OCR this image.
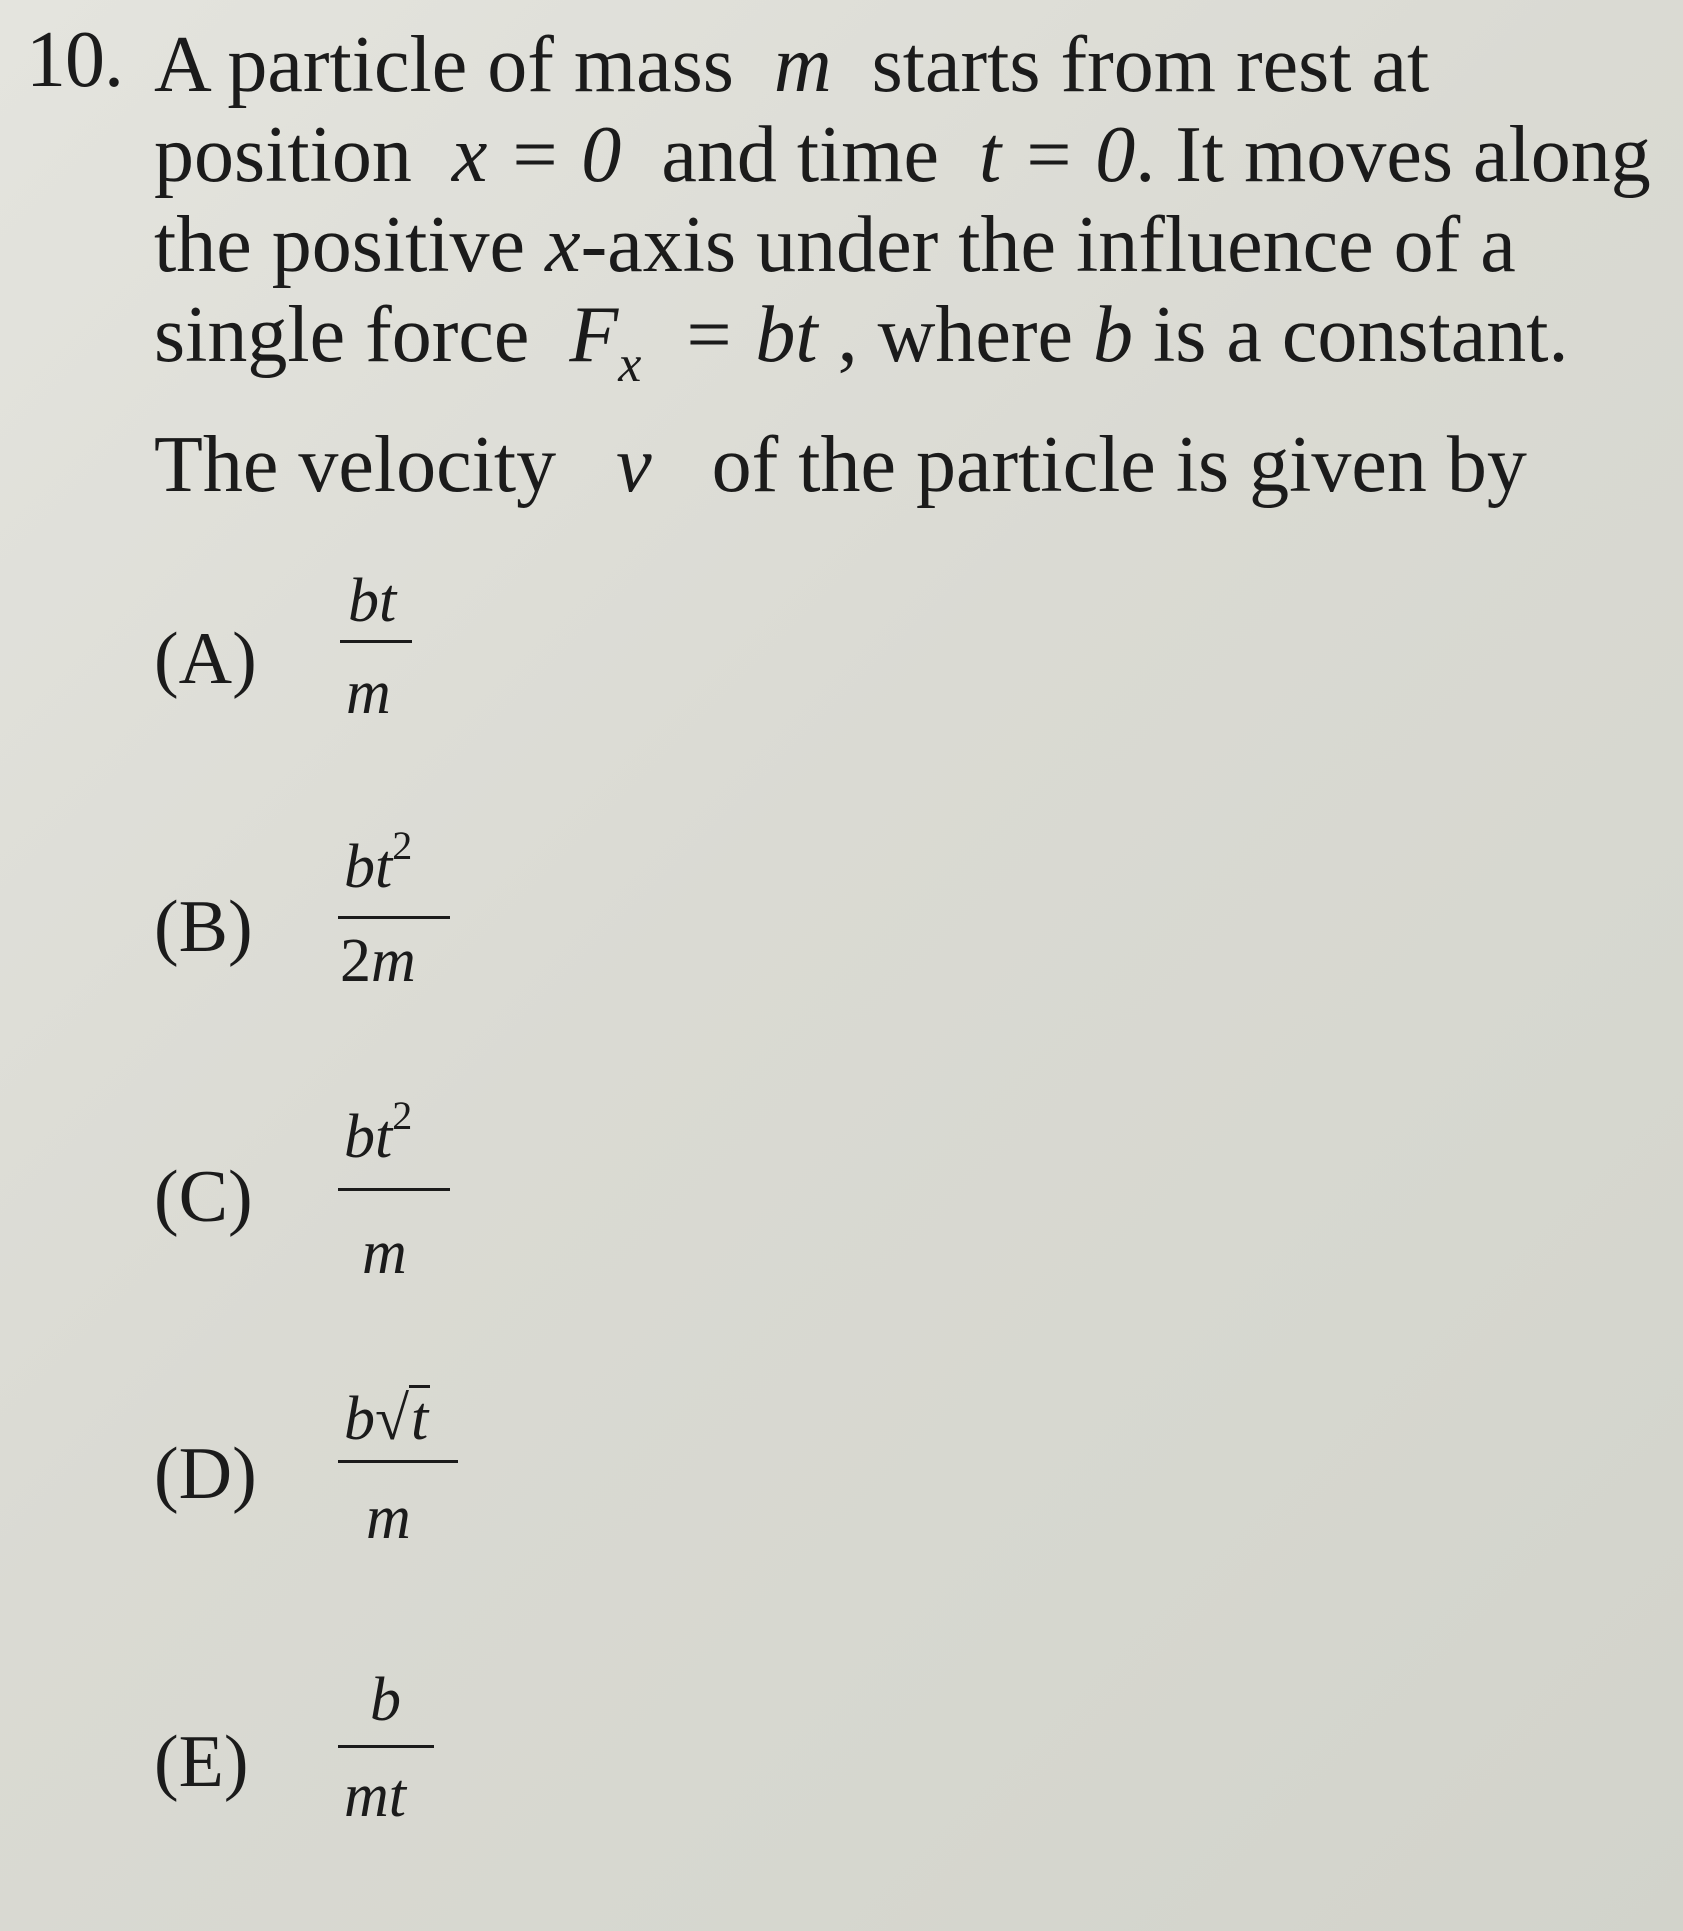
10. A particle of mass m starts from rest at
position x = 0 and time t = 0. It moves along
the positive x-axis under the influence of a
single force $F_x$ = bt , where b is a constant.
The velocity v of the particle is given by
(A)
bt
m
(B)
$bt^2$
2m
(C)
$bt^2$
m
(D)
b√t
m
(E)
b
mt
